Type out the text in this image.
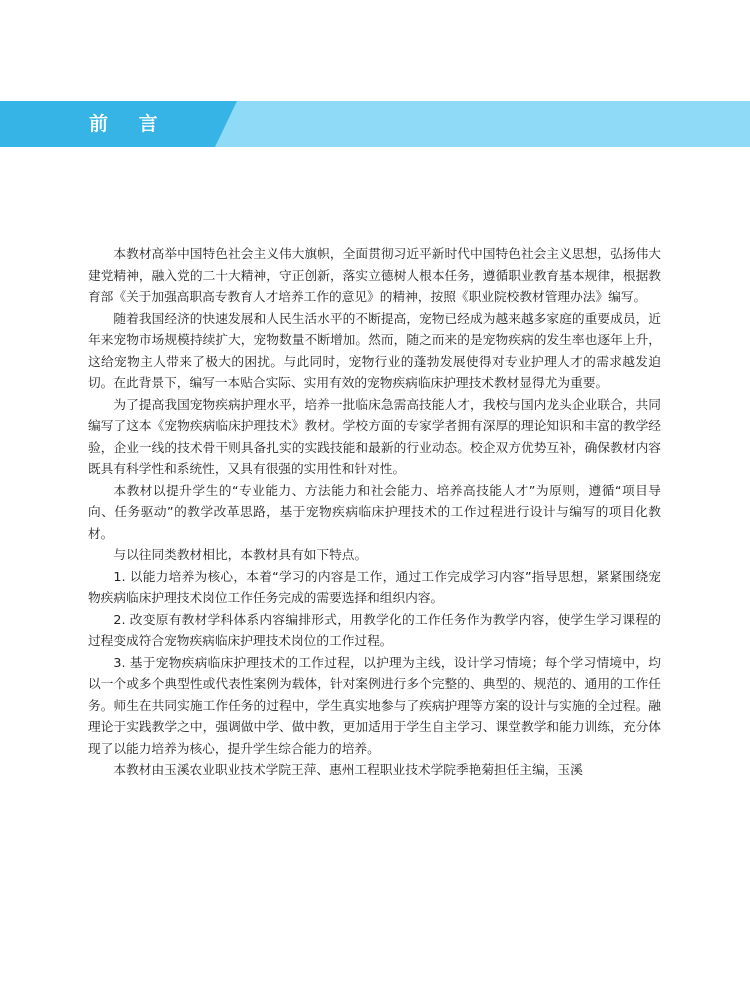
前 言

本教材高举中国特色社会主义伟大旗帜，全面贯彻习近平新时代中国特色社会主义思想，弘扬伟大建党精神，融入党的二十大精神，守正创新，落实立德树人根本任务，遵循职业教育基本规律，根据教育部《关于加强高职高专教育人才培养工作的意见》的精神，按照《职业院校教材管理办法》编写。

随着我国经济的快速发展和人民生活水平的不断提高，宠物已经成为越来越多家庭的重要成员，近年来宠物市场规模持续扩大，宠物数量不断增加。然而，随之而来的是宠物疾病的发生率也逐年上升，这给宠物主人带来了极大的困扰。与此同时，宠物行业的蓬勃发展使得对专业护理人才的需求越发迫切。在此背景下，编写一本贴合实际、实用有效的宠物疾病临床护理技术教材显得尤为重要。

为了提高我国宠物疾病护理水平，培养一批临床急需高技能人才，我校与国内龙头企业联合，共同编写了这本《宠物疾病临床护理技术》教材。学校方面的专家学者拥有深厚的理论知识和丰富的教学经验，企业一线的技术骨干则具备扎实的实践技能和最新的行业动态。校企双方优势互补，确保教材内容既具有科学性和系统性，又具有很强的实用性和针对性。

本教材以提升学生的“专业能力、方法能力和社会能力、培养高技能人才”为原则，遵循“项目导向、任务驱动”的教学改革思路，基于宠物疾病临床护理技术的工作过程进行设计与编写的项目化教材。

与以往同类教材相比，本教材具有如下特点。

1. 以能力培养为核心，本着“学习的内容是工作，通过工作完成学习内容”指导思想，紧紧围绕宠物疾病临床护理技术岗位工作任务完成的需要选择和组织内容。

2. 改变原有教材学科体系内容编排形式，用教学化的工作任务作为教学内容，使学生学习课程的过程变成符合宠物疾病临床护理技术岗位的工作过程。

3. 基于宠物疾病临床护理技术的工作过程，以护理为主线，设计学习情境；每个学习情境中，均以一个或多个典型性或代表性案例为载体，针对案例进行多个完整的、典型的、规范的、通用的工作任务。师生在共同实施工作任务的过程中，学生真实地参与了疾病护理等方案的设计与实施的全过程。融理论于实践教学之中，强调做中学、做中教，更加适用于学生自主学习、课堂教学和能力训练，充分体现了以能力培养为核心，提升学生综合能力的培养。

本教材由玉溪农业职业技术学院王萍、惠州工程职业技术学院季艳菊担任主编，玉溪
